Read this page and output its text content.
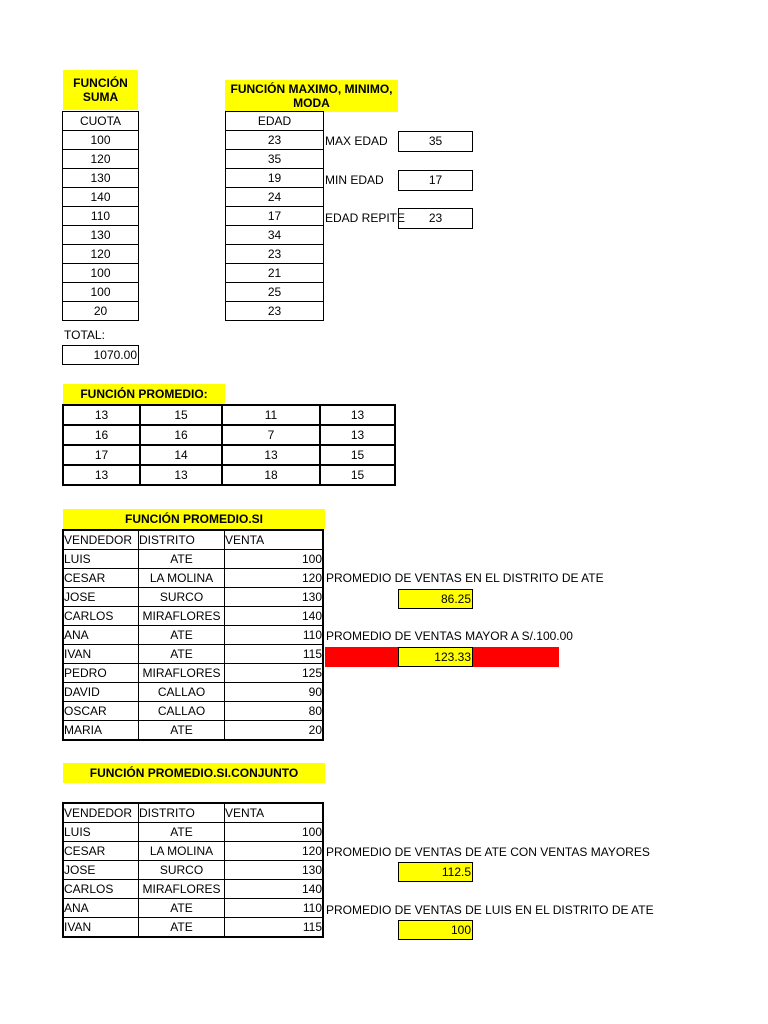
FUNCIÓN SUMA
CUOTA
100
120
130
140
110
130
120
100
100
20
TOTAL:
1070.00
FUNCIÓN MAXIMO, MINIMO, MODA
EDAD
23
35
19
24
17
34
23
21
25
23
MAX EDAD	35
MIN EDAD	17
EDAD REPITE	23
FUNCIÓN PROMEDIO:
13	15	11	13
16	16	7	13
17	14	13	15
13	13	18	15
FUNCIÓN PROMEDIO.SI
VENDEDOR	DISTRITO	VENTA
LUIS	ATE	100
CESAR	LA MOLINA	120
JOSE	SURCO	130
CARLOS	MIRAFLORES	140
ANA	ATE	110
IVAN	ATE	115
PEDRO	MIRAFLORES	125
DAVID	CALLAO	90
OSCAR	CALLAO	80
MARIA	ATE	20
PROMEDIO DE VENTAS EN EL DISTRITO DE ATE
86.25
PROMEDIO DE VENTAS MAYOR A S/.100.00
123.33
FUNCIÓN PROMEDIO.SI.CONJUNTO
VENDEDOR	DISTRITO	VENTA
LUIS	ATE	100
CESAR	LA MOLINA	120
JOSE	SURCO	130
CARLOS	MIRAFLORES	140
ANA	ATE	110
IVAN	ATE	115
PROMEDIO DE VENTAS DE ATE CON VENTAS MAYORES
112.5
PROMEDIO DE VENTAS DE LUIS EN EL DISTRITO DE ATE
100
